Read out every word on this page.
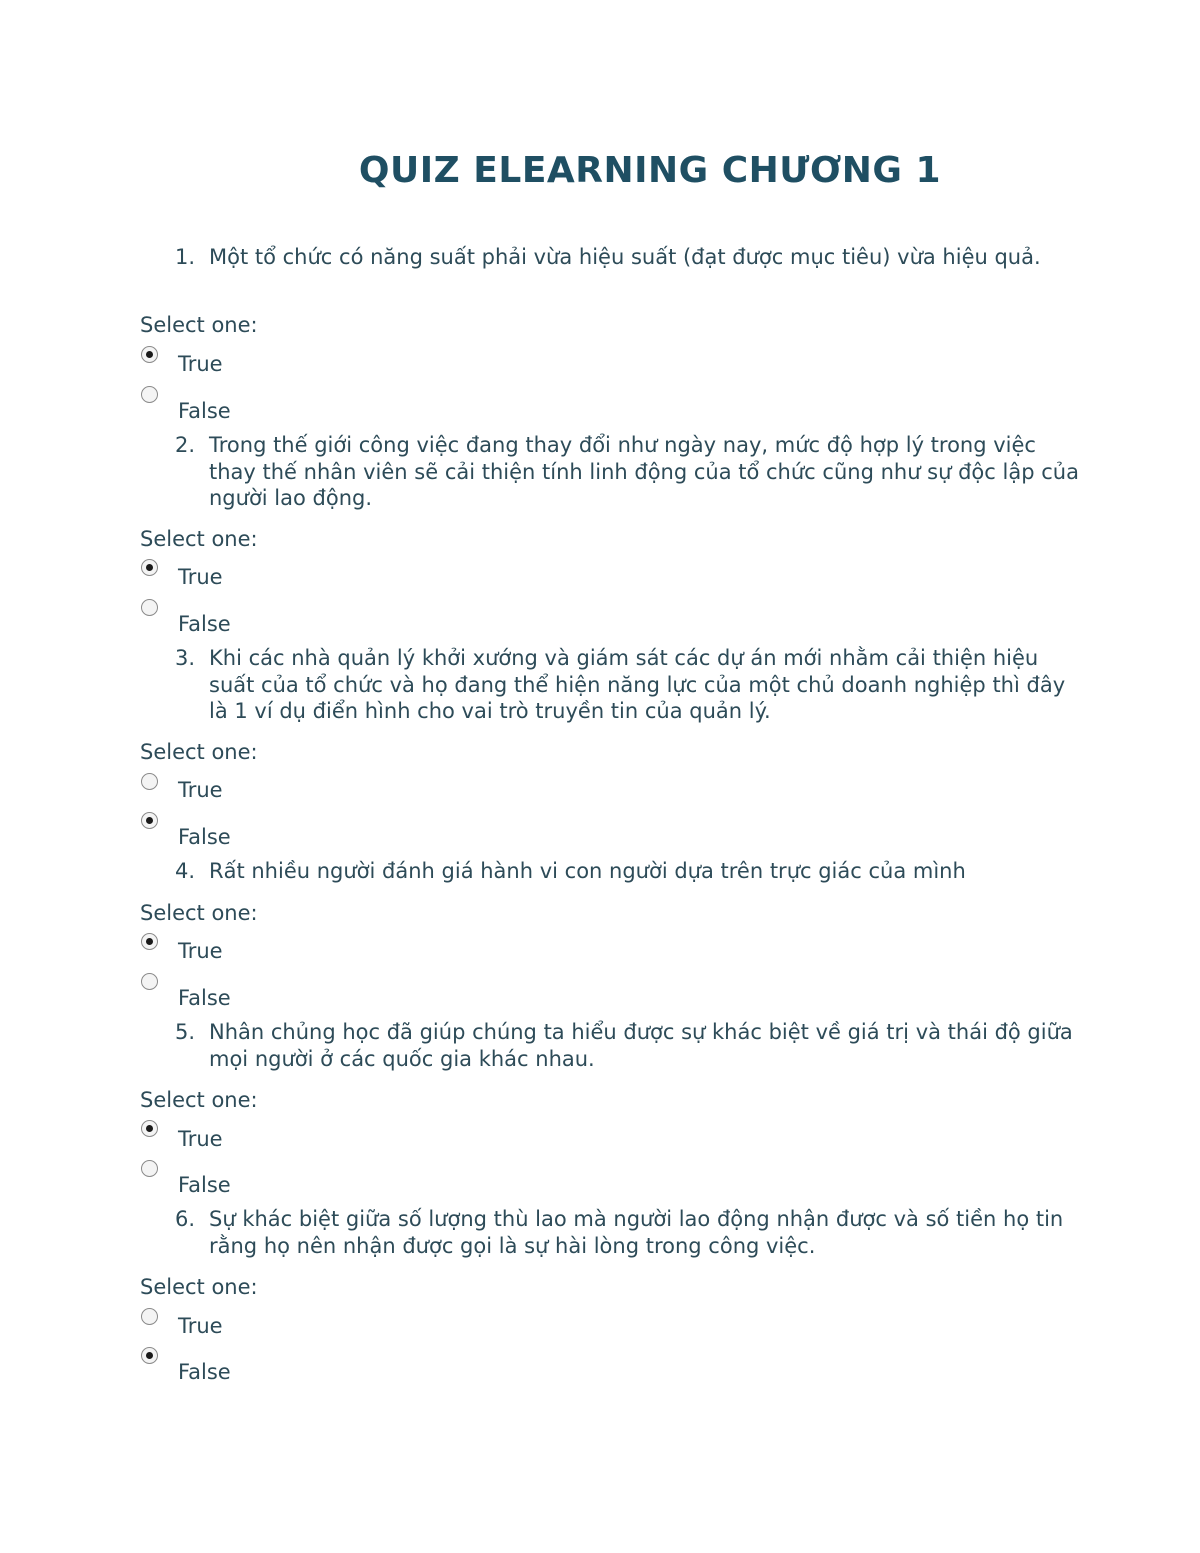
QUIZ ELEARNING CHƯƠNG 1
1. Một tổ chức có năng suất phải vừa hiệu suất (đạt được mục tiêu) vừa hiệu quả.
Select one:
True
False
2. Trong thế giới công việc đang thay đổi như ngày nay, mức độ hợp lý trong việc thay thế nhân viên sẽ cải thiện tính linh động của tổ chức cũng như sự độc lập của người lao động.
Select one:
True
False
3. Khi các nhà quản lý khởi xướng và giám sát các dự án mới nhằm cải thiện hiệu suất của tổ chức và họ đang thể hiện năng lực của một chủ doanh nghiệp thì đây là 1 ví dụ điển hình cho vai trò truyền tin của quản lý.
Select one:
True
False
4. Rất nhiều người đánh giá hành vi con người dựa trên trực giác của mình
Select one:
True
False
5. Nhân chủng học đã giúp chúng ta hiểu được sự khác biệt về giá trị và thái độ giữa mọi người ở các quốc gia khác nhau.
Select one:
True
False
6. Sự khác biệt giữa số lượng thù lao mà người lao động nhận được và số tiền họ tin rằng họ nên nhận được gọi là sự hài lòng trong công việc.
Select one:
True
False
